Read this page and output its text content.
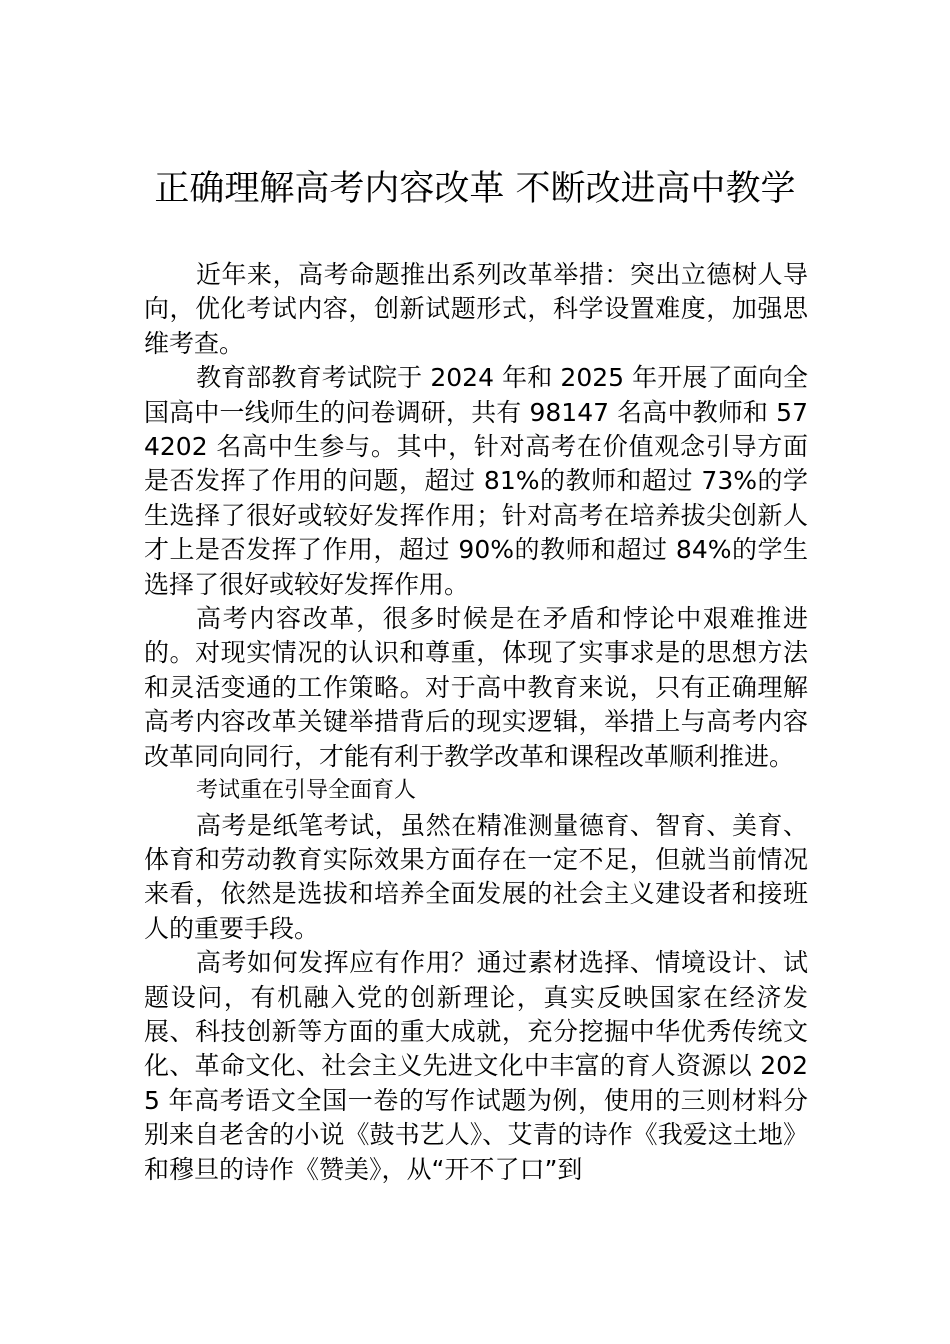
正确理解高考内容改革 不断改进高中教学

近年来，高考命题推出系列改革举措：突出立德树人导向，优化考试内容，创新试题形式，科学设置难度，加强思维考查。

教育部教育考试院于 2024 年和 2025 年开展了面向全国高中一线师生的问卷调研，共有 98147 名高中教师和 574202 名高中生参与。其中，针对高考在价值观念引导方面是否发挥了作用的问题，超过 81%的教师和超过 73%的学生选择了很好或较好发挥作用；针对高考在培养拔尖创新人才上是否发挥了作用，超过 90%的教师和超过 84%的学生选择了很好或较好发挥作用。

高考内容改革，很多时候是在矛盾和悖论中艰难推进的。对现实情况的认识和尊重，体现了实事求是的思想方法和灵活变通的工作策略。对于高中教育来说，只有正确理解高考内容改革关键举措背后的现实逻辑，举措上与高考内容改革同向同行，才能有利于教学改革和课程改革顺利推进。

考试重在引导全面育人

高考是纸笔考试，虽然在精准测量德育、智育、美育、体育和劳动教育实际效果方面存在一定不足，但就当前情况来看，依然是选拔和培养全面发展的社会主义建设者和接班人的重要手段。

高考如何发挥应有作用？通过素材选择、情境设计、试题设问，有机融入党的创新理论，真实反映国家在经济发展、科技创新等方面的重大成就，充分挖掘中华优秀传统文化、革命文化、社会主义先进文化中丰富的育人资源以 2025 年高考语文全国一卷的写作试题为例，使用的三则材料分别来自老舍的小说《鼓书艺人》、艾青的诗作《我爱这土地》和穆旦的诗作《赞美》，从“开不了口”到
